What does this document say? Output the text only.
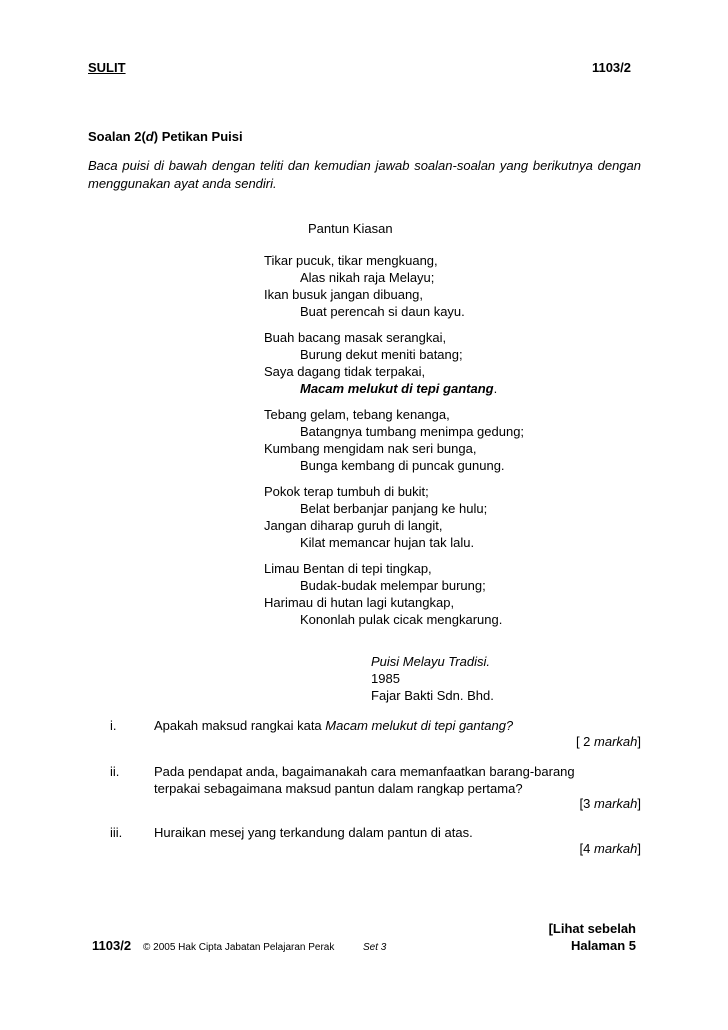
SULIT	1103/2
Soalan 2(d) Petikan Puisi
Baca puisi di bawah dengan teliti dan kemudian jawab soalan-soalan yang berikutnya dengan menggunakan ayat anda sendiri.
Pantun Kiasan
Tikar pucuk, tikar mengkuang,
Alas nikah raja Melayu;
Ikan busuk jangan dibuang,
Buat perencah si daun kayu.
Buah bacang masak serangkai,
Burung dekut meniti batang;
Saya dagang tidak terpakai,
Macam melukut di tepi gantang.
Tebang gelam, tebang kenanga,
Batangnya tumbang menimpa gedung;
Kumbang mengidam nak seri bunga,
Bunga kembang di puncak gunung.
Pokok terap tumbuh di bukit;
Belat berbanjar panjang ke hulu;
Jangan diharap guruh di langit,
Kilat memancar hujan tak lalu.
Limau Bentan di tepi tingkap,
Budak-budak melempar burung;
Harimau di hutan lagi kutangkap,
Kononlah pulak cicak mengkarung.
Puisi Melayu Tradisi.
1985
Fajar Bakti Sdn. Bhd.
i.	Apakah maksud rangkai kata Macam melukut di tepi gantang?
[ 2 markah]
ii.	Pada pendapat anda, bagaimanakah cara memanfaatkan barang-barang terpakai sebagaimana maksud pantun dalam rangkap pertama?
[3 markah]
iii. Huraikan mesej yang terkandung dalam pantun di atas.
[4 markah]
1103/2 © 2005 Hak Cipta Jabatan Pelajaran Perak	Set 3
[Lihat sebelah
Halaman 5
